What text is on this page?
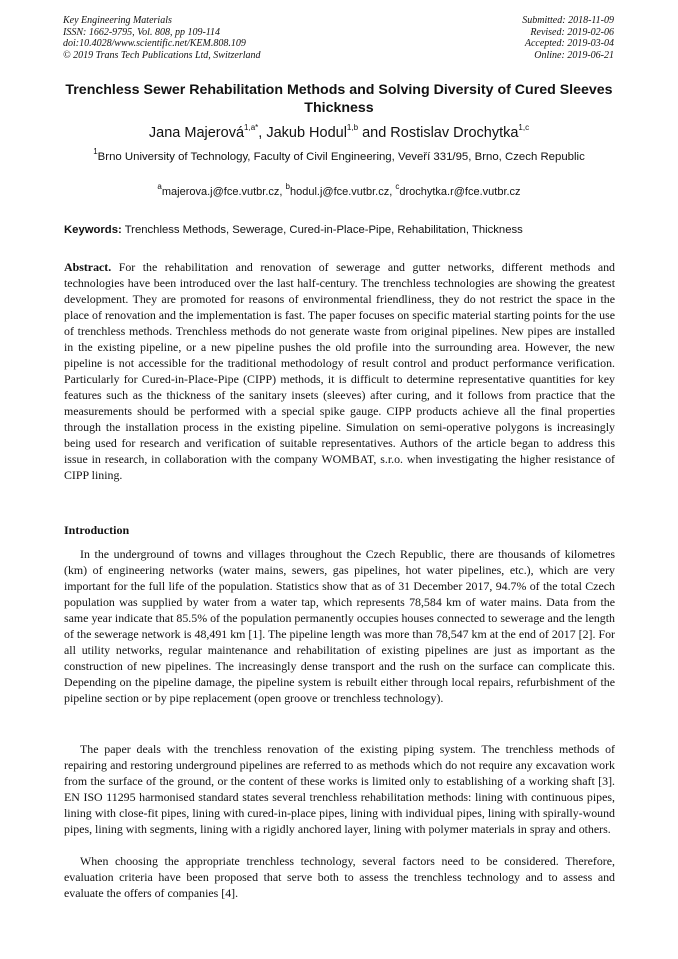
Key Engineering Materials
ISSN: 1662-9795, Vol. 808, pp 109-114
doi:10.4028/www.scientific.net/KEM.808.109
© 2019 Trans Tech Publications Ltd, Switzerland
Submitted: 2018-11-09
Revised: 2019-02-06
Accepted: 2019-03-04
Online: 2019-06-21
Trenchless Sewer Rehabilitation Methods and Solving Diversity of Cured Sleeves Thickness
Jana Majerová$^{1,a*}$, Jakub Hodul$^{1,b}$ and Rostislav Drochytka$^{1,c}$
$^1$Brno University of Technology, Faculty of Civil Engineering, Veveří 331/95, Brno, Czech Republic
$^a$majerova.j@fce.vutbr.cz, $^b$hodul.j@fce.vutbr.cz, $^c$drochytka.r@fce.vutbr.cz
Keywords: Trenchless Methods, Sewerage, Cured-in-Place-Pipe, Rehabilitation, Thickness

Abstract. For the rehabilitation and renovation of sewerage and gutter networks, different methods and technologies have been introduced over the last half-century. The trenchless technologies are showing the greatest development. They are promoted for reasons of environmental friendliness, they do not restrict the space in the place of renovation and the implementation is fast. The paper focuses on specific material starting points for the use of trenchless methods. Trenchless methods do not generate waste from original pipelines. New pipes are installed in the existing pipeline, or a new pipeline pushes the old profile into the surrounding area. However, the new pipeline is not accessible for the traditional methodology of result control and product performance verification. Particularly for Cured-in-Place-Pipe (CIPP) methods, it is difficult to determine representative quantities for key features such as the thickness of the sanitary insets (sleeves) after curing, and it follows from practice that the measurements should be performed with a special spike gauge. CIPP products achieve all the final properties through the installation process in the existing pipeline. Simulation on semi-operative polygons is increasingly being used for research and verification of suitable representatives. Authors of the article began to address this issue in research, in collaboration with the company WOMBAT, s.r.o. when investigating the higher resistance of CIPP lining.

Introduction

In the underground of towns and villages throughout the Czech Republic, there are thousands of kilometres (km) of engineering networks (water mains, sewers, gas pipelines, hot water pipelines, etc.), which are very important for the full life of the population. Statistics show that as of 31 December 2017, 94.7% of the total Czech population was supplied by water from a water tap, which represents 78,584 km of water mains. Data from the same year indicate that 85.5% of the population permanently occupies houses connected to sewerage and the length of the sewerage network is 48,491 km [1]. The pipeline length was more than 78,547 km at the end of 2017 [2]. For all utility networks, regular maintenance and rehabilitation of existing pipelines are just as important as the construction of new pipelines. The increasingly dense transport and the rush on the surface can complicate this. Depending on the pipeline damage, the pipeline system is rebuilt either through local repairs, refurbishment of the pipeline section or by pipe replacement (open groove or trenchless technology).

The paper deals with the trenchless renovation of the existing piping system. The trenchless methods of repairing and restoring underground pipelines are referred to as methods which do not require any excavation work from the surface of the ground, or the content of these works is limited only to establishing of a working shaft [3]. EN ISO 11295 harmonised standard states several trenchless rehabilitation methods: lining with continuous pipes, lining with close-fit pipes, lining with cured-in-place pipes, lining with individual pipes, lining with spirally-wound pipes, lining with segments, lining with a rigidly anchored layer, lining with polymer materials in spray and others.

When choosing the appropriate trenchless technology, several factors need to be considered. Therefore, evaluation criteria have been proposed that serve both to assess the trenchless technology and to assess and evaluate the offers of companies [4].
